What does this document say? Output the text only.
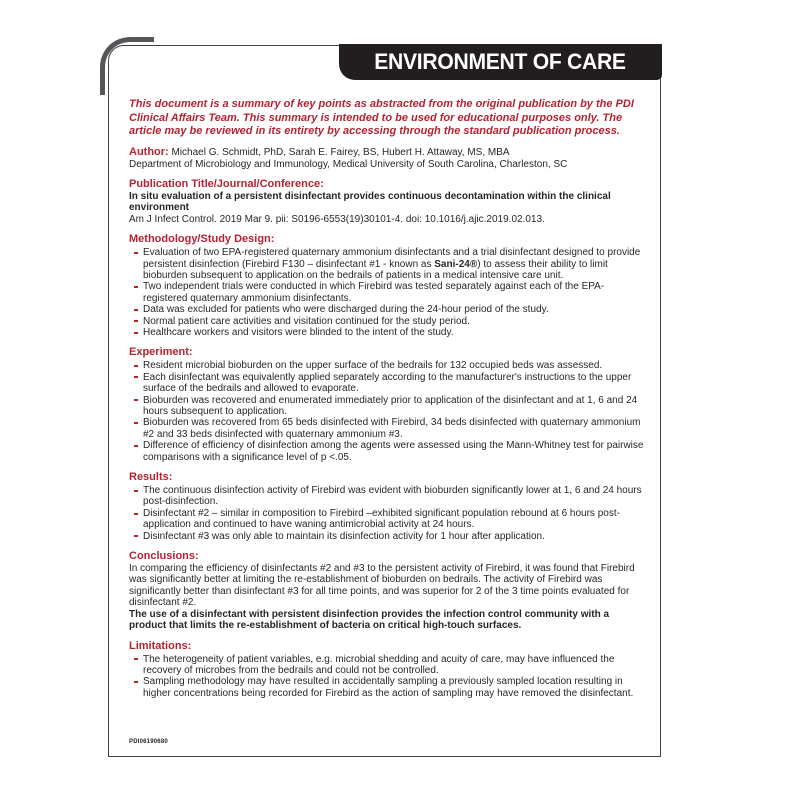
ENVIRONMENT OF CARE

This document is a summary of key points as abstracted from the original publication by the PDI Clinical Affairs Team. This summary is intended to be used for educational purposes only. The article may be reviewed in its entirety by accessing through the standard publication process.

Author: Michael G. Schmidt, PhD, Sarah E. Fairey, BS, Hubert H. Attaway, MS, MBA
Department of Microbiology and Immunology, Medical University of South Carolina, Charleston, SC
Publication Title/Journal/Conference:
In situ evaluation of a persistent disinfectant provides continuous decontamination within the clinical environment
Am J Infect Control. 2019 Mar 9. pii: S0196-6553(19)30101-4. doi: 10.1016/j.ajic.2019.02.013.
Methodology/Study Design:
Evaluation of two EPA-registered quaternary ammonium disinfectants and a trial disinfectant designed to provide persistent disinfection (Firebird F130 – disinfectant #1 - known as Sani-24®) to assess their ability to limit bioburden subsequent to application on the bedrails of patients in a medical intensive care unit.
Two independent trials were conducted in which Firebird was tested separately against each of the EPA-registered quaternary ammonium disinfectants.
Data was excluded for patients who were discharged during the 24-hour period of the study.
Normal patient care activities and visitation continued for the study period.
Healthcare workers and visitors were blinded to the intent of the study.
Experiment:
Resident microbial bioburden on the upper surface of the bedrails for 132 occupied beds was assessed.
Each disinfectant was equivalently applied separately according to the manufacturer's instructions to the upper surface of the bedrails and allowed to evaporate.
Bioburden was recovered and enumerated immediately prior to application of the disinfectant and at 1, 6 and 24 hours subsequent to application.
Bioburden was recovered from 65 beds disinfected with Firebird, 34 beds disinfected with quaternary ammonium #2 and 33 beds disinfected with quaternary ammonium #3.
Difference of efficiency of disinfection among the agents were assessed using the Mann-Whitney test for pairwise comparisons with a significance level of p <.05.
Results:
The continuous disinfection activity of Firebird was evident with bioburden significantly lower at 1, 6 and 24 hours post-disinfection.
Disinfectant #2 – similar in composition to Firebird –exhibited significant population rebound at 6 hours post-application and continued to have waning antimicrobial activity at 24 hours.
Disinfectant #3 was only able to maintain its disinfection activity for 1 hour after application.
Conclusions:
In comparing the efficiency of disinfectants #2 and #3 to the persistent activity of Firebird, it was found that Firebird was significantly better at limiting the re-establishment of bioburden on bedrails. The activity of Firebird was significantly better than disinfectant #3 for all time points, and was superior for 2 of the 3 time points evaluated for disinfectant #2.
The use of a disinfectant with persistent disinfection provides the infection control community with a product that limits the re-establishment of bacteria on critical high-touch surfaces.
Limitations:
The heterogeneity of patient variables, e.g. microbial shedding and acuity of care, may have influenced the recovery of microbes from the bedrails and could not be controlled.
Sampling methodology may have resulted in accidentally sampling a previously sampled location resulting in higher concentrations being recorded for Firebird as the action of sampling may have removed the disinfectant.
PDI06190680
